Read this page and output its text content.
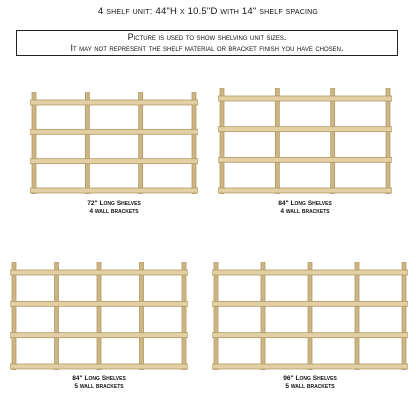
4 shelf unit: 44"H x 10.5"D with 14" shelf spacing
Picture is used to show shelving unit sizes.
It may not represent the shelf material or bracket finish you have chosen.
72" Long Shelves
4 wall brackets
84" Long Shelves
4 wall brackets
84" Long Shelves
5 wall brackets
96" Long Shelves
5 wall brackets
